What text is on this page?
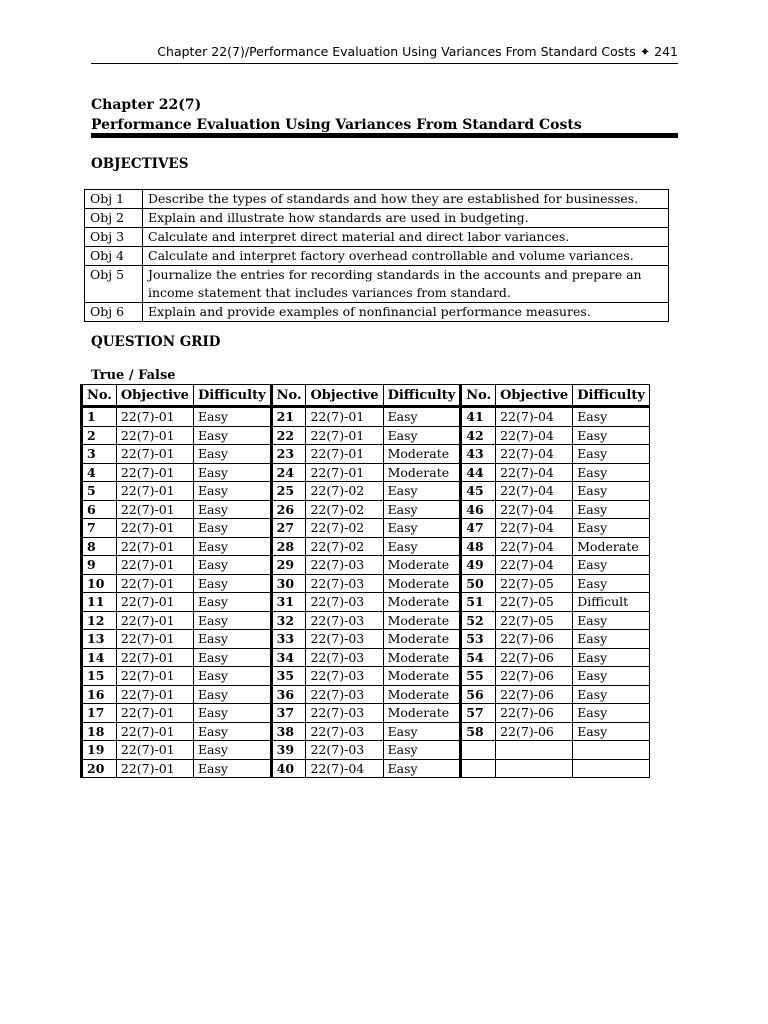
Chapter 22(7)/Performance Evaluation Using Variances From Standard Costs ✦ 241
Chapter 22(7)
Performance Evaluation Using Variances From Standard Costs
OBJECTIVES
Obj 1	Describe the types of standards and how they are established for businesses.
Obj 2	Explain and illustrate how standards are used in budgeting.
Obj 3	Calculate and interpret direct material and direct labor variances.
Obj 4	Calculate and interpret factory overhead controllable and volume variances.
Obj 5	Journalize the entries for recording standards in the accounts and prepare an income statement that includes variances from standard.
Obj 6	Explain and provide examples of nonfinancial performance measures.
QUESTION GRID
True / False
No.	Objective	Difficulty	No.	Objective	Difficulty	No.	Objective	Difficulty
1	22(7)-01	Easy	21	22(7)-01	Easy	41	22(7)-04	Easy
2	22(7)-01	Easy	22	22(7)-01	Easy	42	22(7)-04	Easy
3	22(7)-01	Easy	23	22(7)-01	Moderate	43	22(7)-04	Easy
4	22(7)-01	Easy	24	22(7)-01	Moderate	44	22(7)-04	Easy
5	22(7)-01	Easy	25	22(7)-02	Easy	45	22(7)-04	Easy
6	22(7)-01	Easy	26	22(7)-02	Easy	46	22(7)-04	Easy
7	22(7)-01	Easy	27	22(7)-02	Easy	47	22(7)-04	Easy
8	22(7)-01	Easy	28	22(7)-02	Easy	48	22(7)-04	Moderate
9	22(7)-01	Easy	29	22(7)-03	Moderate	49	22(7)-04	Easy
10	22(7)-01	Easy	30	22(7)-03	Moderate	50	22(7)-05	Easy
11	22(7)-01	Easy	31	22(7)-03	Moderate	51	22(7)-05	Difficult
12	22(7)-01	Easy	32	22(7)-03	Moderate	52	22(7)-05	Easy
13	22(7)-01	Easy	33	22(7)-03	Moderate	53	22(7)-06	Easy
14	22(7)-01	Easy	34	22(7)-03	Moderate	54	22(7)-06	Easy
15	22(7)-01	Easy	35	22(7)-03	Moderate	55	22(7)-06	Easy
16	22(7)-01	Easy	36	22(7)-03	Moderate	56	22(7)-06	Easy
17	22(7)-01	Easy	37	22(7)-03	Moderate	57	22(7)-06	Easy
18	22(7)-01	Easy	38	22(7)-03	Easy	58	22(7)-06	Easy
19	22(7)-01	Easy	39	22(7)-03	Easy			
20	22(7)-01	Easy	40	22(7)-04	Easy			
